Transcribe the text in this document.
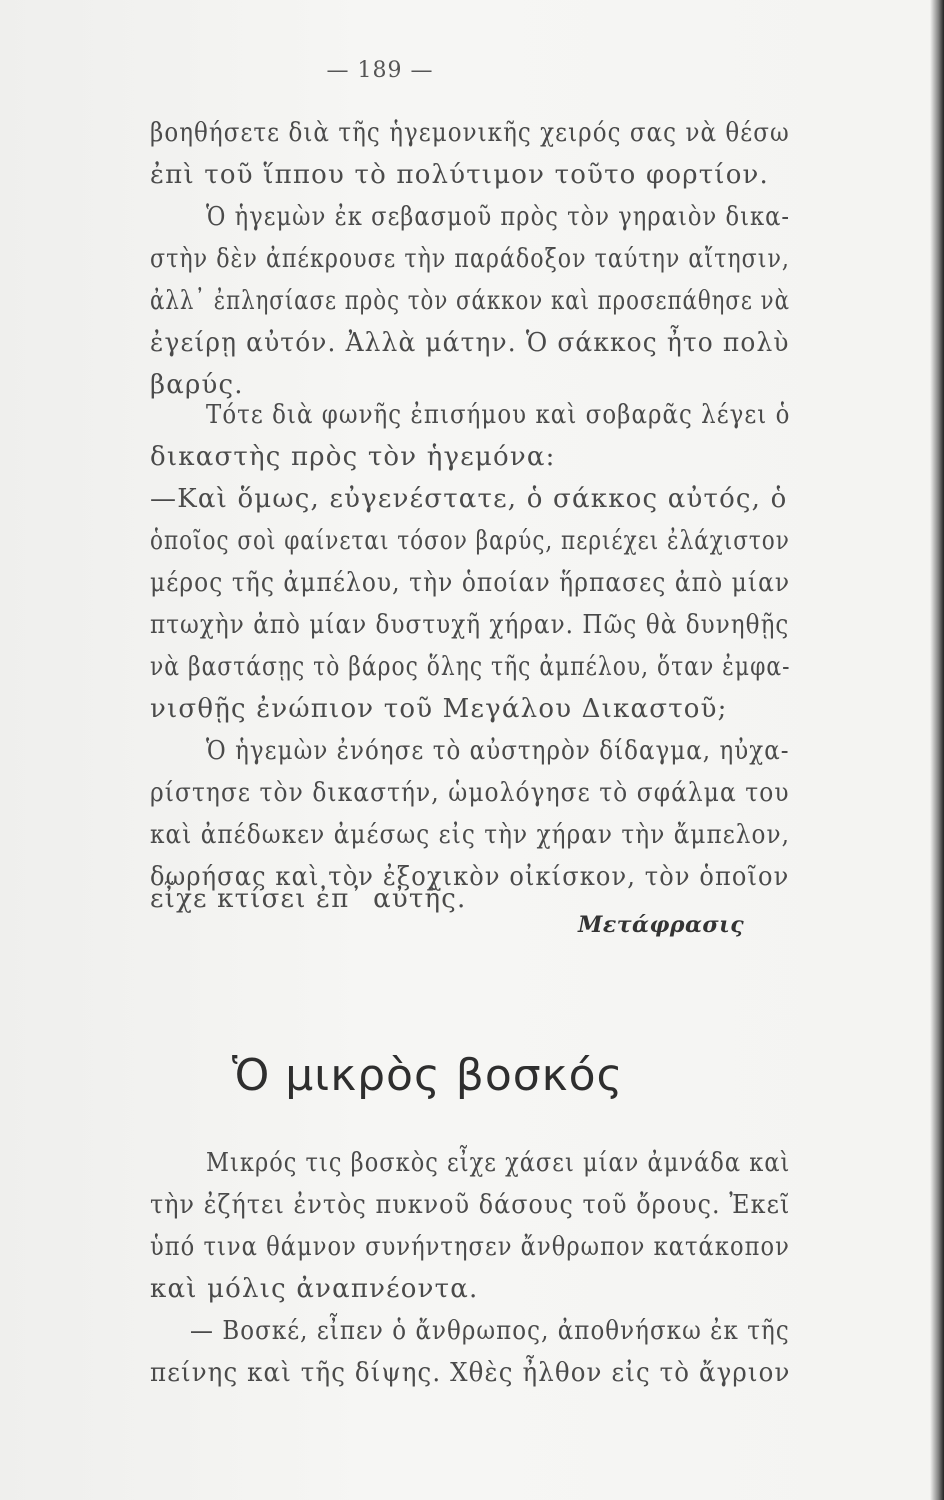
— 189 —
βοηθήσετε διὰ τῆς ἡγεμονικῆς χειρός σας νὰ θέσω
ἐπὶ τοῦ ἵππου τὸ πολύτιμον τοῦτο φορτίον.
Ὁ ἡγεμὼν ἐκ σεβασμοῦ πρὸς τὸν γηραιὸν δικα-
στὴν δὲν ἀπέκρουσε τὴν παράδοξον ταύτην αἴτησιν,
ἀλλ᾽ ἐπλησίασε πρὸς τὸν σάκκον καὶ προσεπάθησε νὰ
ἐγείρῃ αὐτόν. Ἀλλὰ μάτην. Ὁ σάκκος ἦτο πολὺ
βαρύς.
Τότε διὰ φωνῆς ἐπισήμου καὶ σοβαρᾶς λέγει ὁ
δικαστὴς πρὸς τὸν ἡγεμόνα:
—Καὶ ὅμως, εὐγενέστατε, ὁ σάκκος αὐτός, ὁ
ὁποῖος σοὶ φαίνεται τόσον βαρύς, περιέχει ἐλάχιστον
μέρος τῆς ἀμπέλου, τὴν ὁποίαν ἥρπασες ἀπὸ μίαν
πτωχὴν ἀπὸ μίαν δυστυχῆ χήραν. Πῶς θὰ δυνηθῇς
νὰ βαστάσῃς τὸ βάρος ὅλης τῆς ἀμπέλου, ὅταν ἐμφα-
νισθῇς ἐνώπιον τοῦ Μεγάλου Δικαστοῦ;
Ὁ ἡγεμὼν ἐνόησε τὸ αὐστηρὸν δίδαγμα, ηὐχα-
ρίστησε τὸν δικαστήν, ὡμολόγησε τὸ σφάλμα του
καὶ ἀπέδωκεν ἀμέσως εἰς τὴν χήραν τὴν ἄμπελον,
δωρήσας καὶ τὸν ἐξοχικὸν οἰκίσκον, τὸν ὁποῖον
εἶχε κτίσει ἐπ᾽ αὐτῆς.
Μετάφρασις
Ὁ μικρὸς βοσκός
Μικρός τις βοσκὸς εἶχε χάσει μίαν ἀμνάδα καὶ
τὴν ἐζήτει ἐντὸς πυκνοῦ δάσους τοῦ ὄρους. Ἐκεῖ
ὑπό τινα θάμνον συνήντησεν ἄνθρωπον κατάκοπον
καὶ μόλις ἀναπνέοντα.
— Βοσκέ, εἶπεν ὁ ἄνθρωπος, ἀποθνήσκω ἐκ τῆς
πείνης καὶ τῆς δίψης. Χθὲς ἦλθον εἰς τὸ ἄγριον
